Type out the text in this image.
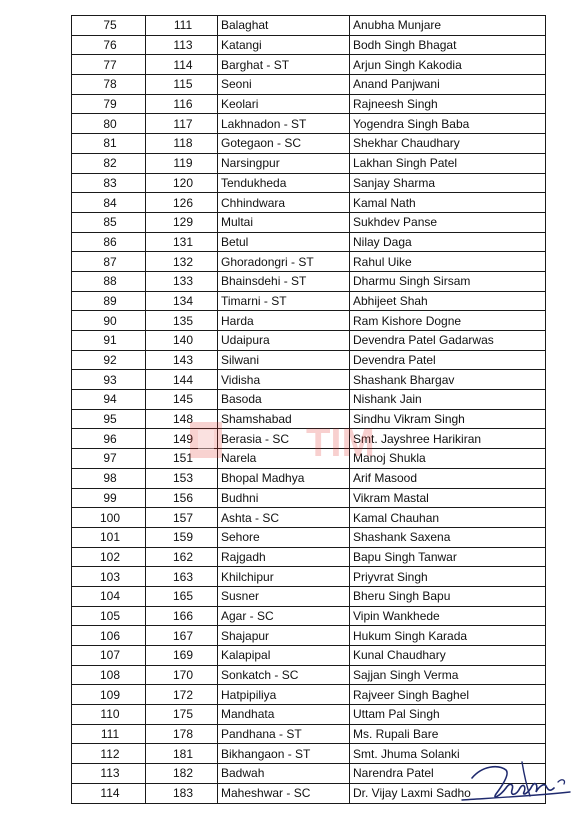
75	111	Balaghat	Anubha Munjare
76	113	Katangi	Bodh Singh Bhagat
77	114	Barghat - ST	Arjun Singh Kakodia
78	115	Seoni	Anand Panjwani
79	116	Keolari	Rajneesh Singh
80	117	Lakhnadon - ST	Yogendra Singh Baba
81	118	Gotegaon - SC	Shekhar Chaudhary
82	119	Narsingpur	Lakhan Singh Patel
83	120	Tendukheda	Sanjay Sharma
84	126	Chhindwara	Kamal Nath
85	129	Multai	Sukhdev Panse
86	131	Betul	Nilay Daga
87	132	Ghoradongri - ST	Rahul Uike
88	133	Bhainsdehi - ST	Dharmu Singh Sirsam
89	134	Timarni - ST	Abhijeet Shah
90	135	Harda	Ram Kishore Dogne
91	140	Udaipura	Devendra Patel Gadarwas
92	143	Silwani	Devendra Patel
93	144	Vidisha	Shashank Bhargav
94	145	Basoda	Nishank Jain
95	148	Shamshabad	Sindhu Vikram Singh
96	149	Berasia - SC	Smt. Jayshree Harikiran
97	151	Narela	Manoj Shukla
98	153	Bhopal Madhya	Arif Masood
99	156	Budhni	Vikram Mastal
100	157	Ashta - SC	Kamal Chauhan
101	159	Sehore	Shashank Saxena
102	162	Rajgadh	Bapu Singh Tanwar
103	163	Khilchipur	Priyvrat Singh
104	165	Susner	Bheru Singh Bapu
105	166	Agar - SC	Vipin Wankhede
106	167	Shajapur	Hukum Singh Karada
107	169	Kalapipal	Kunal Chaudhary
108	170	Sonkatch - SC	Sajjan Singh Verma
109	172	Hatpipiliya	Rajveer Singh Baghel
110	175	Mandhata	Uttam Pal Singh
111	178	Pandhana - ST	Ms. Rupali Bare
112	181	Bikhangaon - ST	Smt. Jhuma Solanki
113	182	Badwah	Narendra Patel
114	183	Maheshwar - SC	Dr. Vijay Laxmi Sadho
TIM
